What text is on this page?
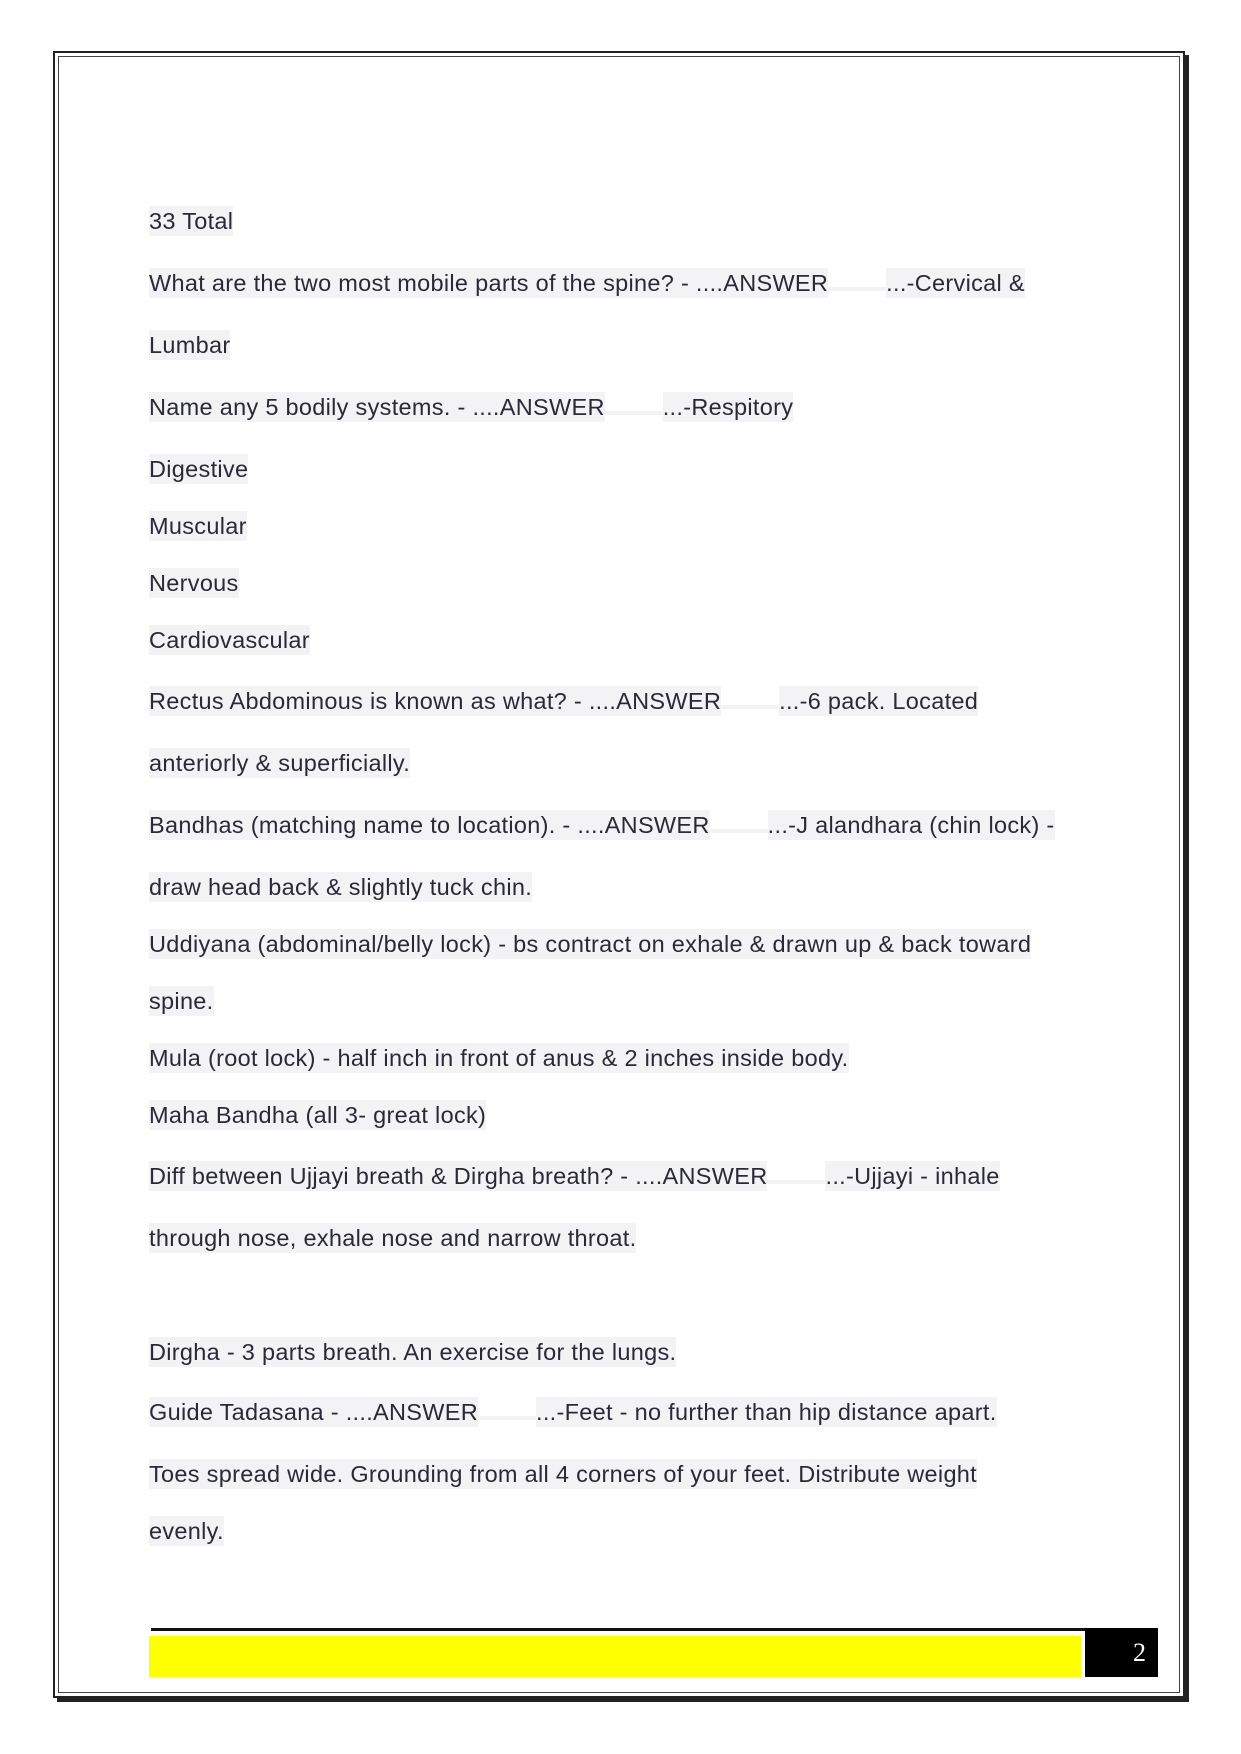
33 Total
What are the two most mobile parts of the spine? - ....ANSWER ...-Cervical &
Lumbar
Name any 5 bodily systems. - ....ANSWER ...-Respitory
Digestive
Muscular
Nervous
Cardiovascular
Rectus Abdominous is known as what? - ....ANSWER ...-6 pack. Located
anteriorly & superficially.
Bandhas (matching name to location). - ....ANSWER ...-J alandhara (chin lock) -
draw head back & slightly tuck chin.
Uddiyana (abdominal/belly lock) - bs contract on exhale & drawn up & back toward
spine.
Mula (root lock) - half inch in front of anus & 2 inches inside body.
Maha Bandha (all 3- great lock)
Diff between Ujjayi breath & Dirgha breath? - ....ANSWER ...-Ujjayi - inhale
through nose, exhale nose and narrow throat.
Dirgha - 3 parts breath. An exercise for the lungs.
Guide Tadasana - ....ANSWER ...-Feet - no further than hip distance apart.
Toes spread wide. Grounding from all 4 corners of your feet. Distribute weight
evenly.
2
